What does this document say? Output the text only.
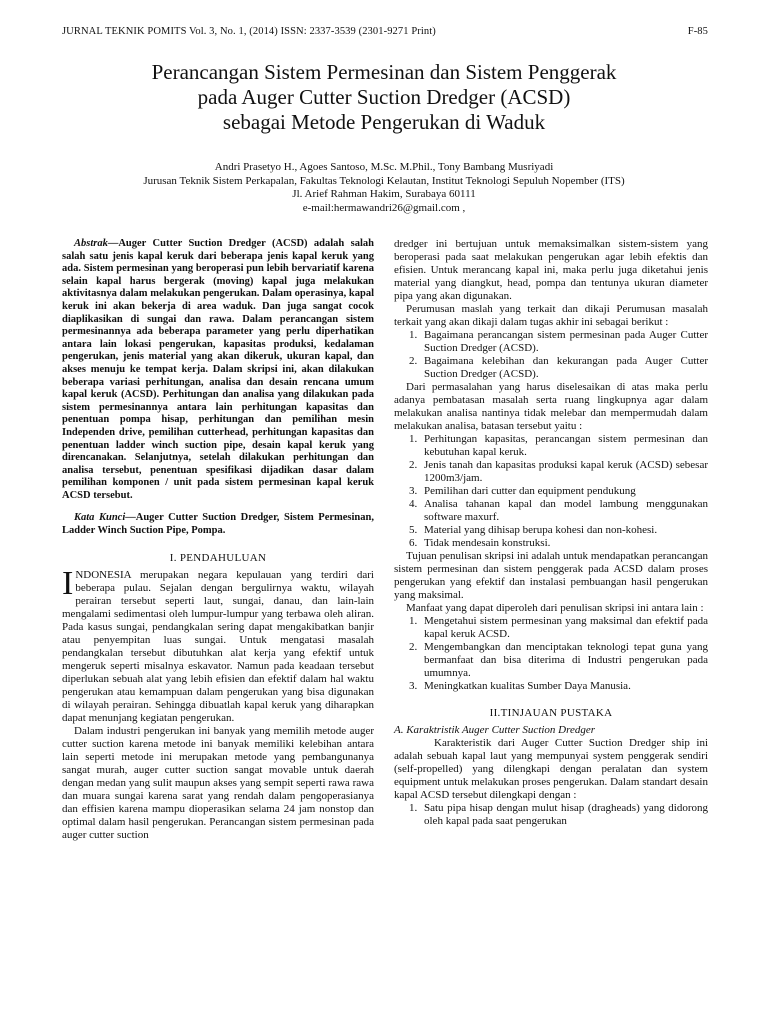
JURNAL TEKNIK POMITS Vol. 3, No. 1, (2014) ISSN: 2337-3539 (2301-9271 Print)	F-85
Perancangan Sistem Permesinan dan Sistem Penggerak
pada Auger Cutter Suction Dredger (ACSD)
sebagai Metode Pengerukan di Waduk
Andri Prasetyo H., Agoes Santoso, M.Sc. M.Phil., Tony Bambang Musriyadi
Jurusan Teknik Sistem Perkapalan, Fakultas Teknologi Kelautan, Institut Teknologi Sepuluh Nopember (ITS)
Jl. Arief Rahman Hakim, Surabaya 60111
e-mail:hermawandri26@gmail.com ,

Abstrak—Auger Cutter Suction Dredger (ACSD) adalah salah salah satu jenis kapal keruk dari beberapa jenis kapal keruk yang ada. Sistem permesinan yang beroperasi pun lebih bervariatif karena selain kapal harus bergerak (moving) kapal juga melakukan aktivitasnya dalam melakukan pengerukan. Dalam operasinya, kapal keruk ini akan bekerja di area waduk. Dan juga sangat cocok diaplikasikan di sungai dan rawa. Dalam perancangan sistem permesinannya ada beberapa parameter yang perlu diperhatikan antara lain lokasi pengerukan, kapasitas produksi, kedalaman pengerukan, jenis material yang akan dikeruk, ukuran kapal, dan akses menuju ke tempat kerja. Dalam skripsi ini, akan dilakukan beberapa variasi perhitungan, analisa dan desain rencana umum kapal keruk (ACSD). Perhitungan dan analisa yang dilakukan pada sistem permesinannya antara lain perhitungan kapasitas dan penentuan pompa hisap, perhitungan dan pemilihan mesin Independen drive, pemilihan cutterhead, perhitungan kapasitas dan penentuan ladder winch suction pipe, desain kapal keruk yang direncanakan. Selanjutnya, setelah dilakukan perhitungan dan analisa tersebut, penentuan spesifikasi dijadikan dasar dalam pemilihan komponen / unit pada sistem permesinan kapal keruk ACSD tersebut.

Kata Kunci—Auger Cutter Suction Dredger, Sistem Permesinan, Ladder Winch Suction Pipe, Pompa.

I. PENDAHULUAN

INDONESIA merupakan negara kepulauan yang terdiri dari beberapa pulau. Sejalan dengan bergulirnya waktu, wilayah perairan tersebut seperti laut, sungai, danau, dan lain-lain mengalami sedimentasi oleh lumpur-lumpur yang terbawa oleh aliran. Pada kasus sungai, pendangkalan sering dapat mengakibatkan banjir atau penyempitan luas sungai. Untuk mengatasi masalah pendangkalan tersebut dibutuhkan alat kerja yang efektif untuk mengeruk seperti misalnya eskavator. Namun pada keadaan tersebut diperlukan sebuah alat yang lebih efisien dan efektif dalam hal waktu pengerukan atau kemampuan dalam pengerukan yang bisa digunakan di wilayah perairan. Sehingga dibuatlah kapal keruk yang diharapkan dapat menunjang kegiatan pengerukan.

Dalam industri pengerukan ini banyak yang memilih metode auger cutter suction karena metode ini banyak memiliki kelebihan antara lain seperti metode ini merupakan metode yang pembangunanya sangat murah, auger cutter suction sangat movable untuk daerah dengan medan yang sulit maupun akses yang sempit seperti rawa rawa dan muara sungai karena sarat yang rendah dalam pengoperasianya dan effisien karena mampu dioperasikan selama 24 jam nonstop dan optimal dalam hasil pengerukan. Perancangan sistem permesinan pada auger cutter suction

dredger ini bertujuan untuk memaksimalkan sistem-sistem yang beroperasi pada saat melakukan pengerukan agar lebih efektis dan efisien. Untuk merancang kapal ini, maka perlu juga diketahui jenis material yang diangkut, head, pompa dan tentunya ukuran diameter pipa yang akan digunakan.

Perumusan maslah yang terkait dan dikaji Perumusan masalah terkait yang akan dikaji dalam tugas akhir ini sebagai berikut :

1. Bagaimana perancangan sistem permesinan pada Auger Cutter Suction Dredger (ACSD).
2. Bagaimana kelebihan dan kekurangan pada Auger Cutter Suction Dredger (ACSD).

Dari permasalahan yang harus diselesaikan di atas maka perlu adanya pembatasan masalah serta ruang lingkupnya agar dalam melakukan analisa nantinya tidak melebar dan mempermudah dalam melakukan analisa, batasan tersebut yaitu :

1. Perhitungan kapasitas, perancangan sistem permesinan dan kebutuhan kapal keruk.
2. Jenis tanah dan kapasitas produksi kapal keruk (ACSD) sebesar 1200m3/jam.
3. Pemilihan dari cutter dan equipment pendukung
4. Analisa tahanan kapal dan model lambung menggunakan software maxurf.
5. Material yang dihisap berupa kohesi dan non-kohesi.
6. Tidak mendesain konstruksi.

Tujuan penulisan skripsi ini adalah untuk mendapatkan perancangan sistem permesinan dan sistem penggerak pada ACSD dalam proses pengerukan yang efektif dan instalasi pembuangan hasil pengerukan yang maksimal.

Manfaat yang dapat diperoleh dari penulisan skripsi ini antara lain :

1. Mengetahui sistem permesinan yang maksimal dan efektif pada kapal keruk ACSD.
2. Mengembangkan dan menciptakan teknologi tepat guna yang bermanfaat dan bisa diterima di Industri pengerukan pada umumnya.
3. Meningkatkan kualitas Sumber Daya Manusia.
II.TINJAUAN PUSTAKA
A. Karaktristik Auger Cutter Suction Dredger

Karakteristik dari Auger Cutter Suction Dredger ship ini adalah sebuah kapal laut yang mempunyai system penggerak sendiri (self-propelled) yang dilengkapi dengan peralatan dan system equipment untuk melakukan proses pengerukan. Dalam standart desain kapal ACSD tersebut dilengkapi dengan :

1. Satu pipa hisap dengan mulut hisap (dragheads) yang didorong oleh kapal pada saat pengerukan
